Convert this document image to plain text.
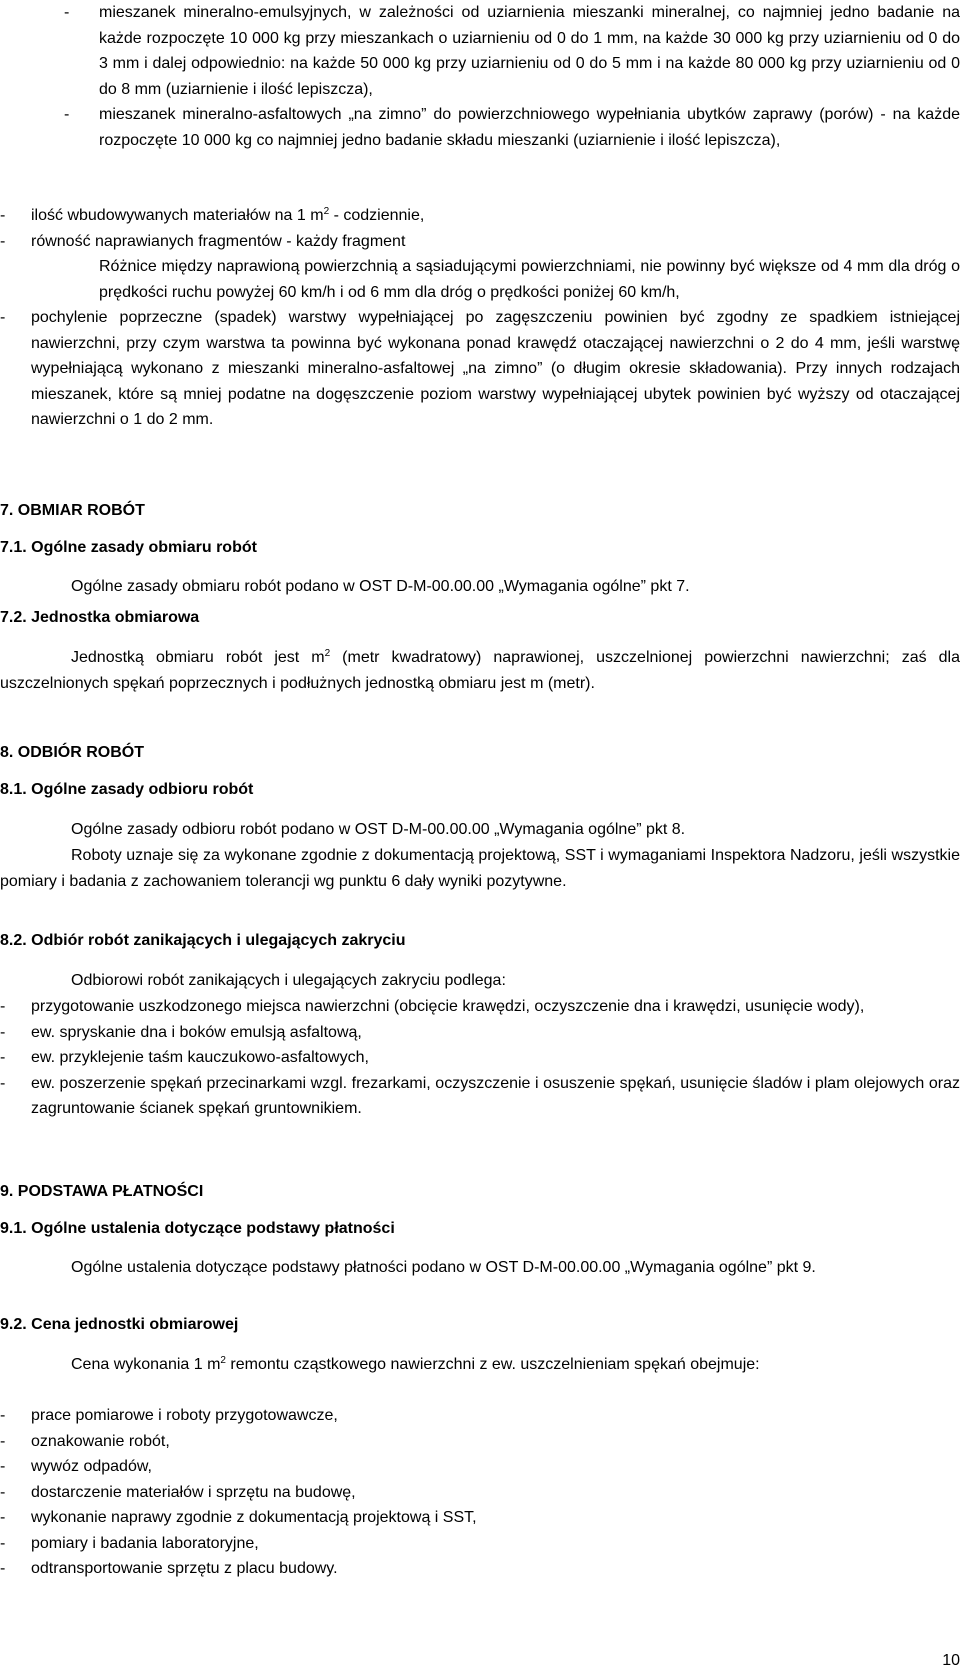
- mieszanek mineralno-emulsyjnych, w zależności od uziarnienia mieszanki mineralnej, co najmniej jedno badanie na każde rozpoczęte 10 000 kg przy mieszankach o uziarnieniu od 0 do 1 mm, na każde 30 000 kg przy uziarnieniu od 0 do 3 mm i dalej odpowiednio: na każde 50 000 kg przy uziarnieniu od 0 do 5 mm i na każde 80 000 kg przy uziarnieniu od 0 do 8 mm (uziarnienie i ilość lepiszcza),
- mieszanek mineralno-asfaltowych „na zimno” do powierzchniowego wypełniania ubytków zaprawy (porów) - na każde rozpoczęte 10 000 kg co najmniej jedno badanie składu mieszanki (uziarnienie i ilość lepiszcza),
- ilość wbudowywanych materiałów na 1 $m^2$ - codziennie,
- równość naprawianych fragmentów - każdy fragment
Różnice między naprawioną powierzchnią a sąsiadującymi powierzchniami, nie powinny być większe od 4 mm dla dróg o prędkości ruchu powyżej 60 km/h i od 6 mm dla dróg o prędkości poniżej 60 km/h,
- pochylenie poprzeczne (spadek) warstwy wypełniającej po zagęszczeniu powinien być zgodny ze spadkiem istniejącej nawierzchni, przy czym warstwa ta powinna być wykonana ponad krawędź otaczającej nawierzchni o 2 do 4 mm, jeśli warstwę wypełniającą wykonano z mieszanki mineralno-asfaltowej „na zimno” (o długim okresie składowania). Przy innych rodzajach mieszanek, które są mniej podatne na dogęszczenie poziom warstwy wypełniającej ubytek powinien być wyższy od otaczającej nawierzchni o 1 do 2 mm.
7. OBMIAR ROBÓT
7.1. Ogólne zasady obmiaru robót
Ogólne zasady obmiaru robót podano w OST D-M-00.00.00 „Wymagania ogólne” pkt 7.
7.2. Jednostka obmiarowa
Jednostką obmiaru robót jest $m^2$ (metr kwadratowy) naprawionej, uszczelnionej powierzchni nawierzchni; zaś dla uszczelnionych spękań poprzecznych i podłużnych jednostką obmiaru jest m (metr).
8. ODBIÓR ROBÓT
8.1. Ogólne zasady odbioru robót
Ogólne zasady odbioru robót podano w OST D-M-00.00.00 „Wymagania ogólne” pkt 8.
Roboty uznaje się za wykonane zgodnie z dokumentacją projektową, SST i wymaganiami Inspektora Nadzoru, jeśli wszystkie pomiary i badania z zachowaniem tolerancji wg punktu 6 dały wyniki pozytywne.
8.2. Odbiór robót zanikających i ulegających zakryciu
Odbiorowi robót zanikających i ulegających zakryciu podlega:
- przygotowanie uszkodzonego miejsca nawierzchni (obcięcie krawędzi, oczyszczenie dna i krawędzi, usunięcie wody),
- ew. spryskanie dna i boków emulsją asfaltową,
- ew. przyklejenie taśm kauczukowo-asfaltowych,
- ew. poszerzenie spękań przecinarkami wzgl. frezarkami, oczyszczenie i osuszenie spękań, usunięcie śladów i plam olejowych oraz zagruntowanie ścianek spękań gruntownikiem.
9. PODSTAWA PŁATNOŚCI
9.1. Ogólne ustalenia dotyczące podstawy płatności
Ogólne ustalenia dotyczące podstawy płatności podano w OST D-M-00.00.00 „Wymagania ogólne” pkt 9.
9.2. Cena jednostki obmiarowej
Cena wykonania 1 $m^2$ remontu cząstkowego nawierzchni z ew. uszczelnieniam spękań obejmuje:
- prace pomiarowe i roboty przygotowawcze,
- oznakowanie robót,
- wywóz odpadów,
- dostarczenie materiałów i sprzętu na budowę,
- wykonanie naprawy zgodnie z dokumentacją projektową i SST,
- pomiary i badania laboratoryjne,
- odtransportowanie sprzętu z placu budowy.
10
